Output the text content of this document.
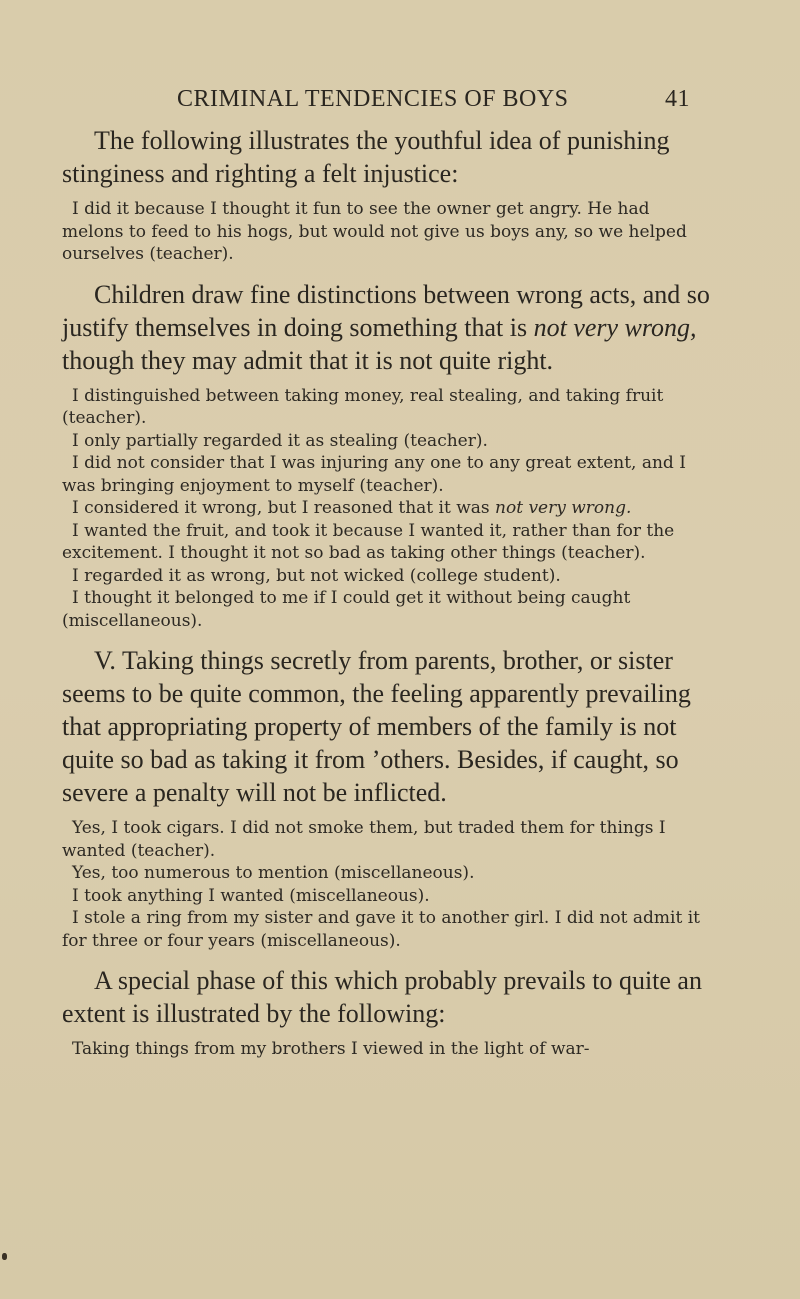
CRIMINAL TENDENCIES OF BOYS	41

The following illustrates the youthful idea of punishing stinginess and righting a felt injustice:

I did it because I thought it fun to see the owner get angry. He had melons to feed to his hogs, but would not give us boys any, so we helped ourselves (teacher).

Children draw fine distinctions between wrong acts, and so justify themselves in doing something that is not very wrong, though they may admit that it is not quite right.

I distinguished between taking money, real stealing, and taking fruit (teacher).

I only partially regarded it as stealing (teacher).

I did not consider that I was injuring any one to any great extent, and I was bringing enjoyment to myself (teacher).

I considered it wrong, but I reasoned that it was not very wrong.

I wanted the fruit, and took it because I wanted it, rather than for the excitement. I thought it not so bad as taking other things (teacher).

I regarded it as wrong, but not wicked (college student).

I thought it belonged to me if I could get it without being caught (miscellaneous).

V. Taking things secretly from parents, brother, or sister seems to be quite common, the feeling apparently prevailing that appropriating property of members of the family is not quite so bad as taking it from ’others. Besides, if caught, so severe a penalty will not be inflicted.

Yes, I took cigars. I did not smoke them, but traded them for things I wanted (teacher).

Yes, too numerous to mention (miscellaneous).

I took anything I wanted (miscellaneous).

I stole a ring from my sister and gave it to another girl. I did not admit it for three or four years (miscellaneous).

A special phase of this which probably prevails to quite an extent is illustrated by the following:

Taking things from my brothers I viewed in the light of war-
